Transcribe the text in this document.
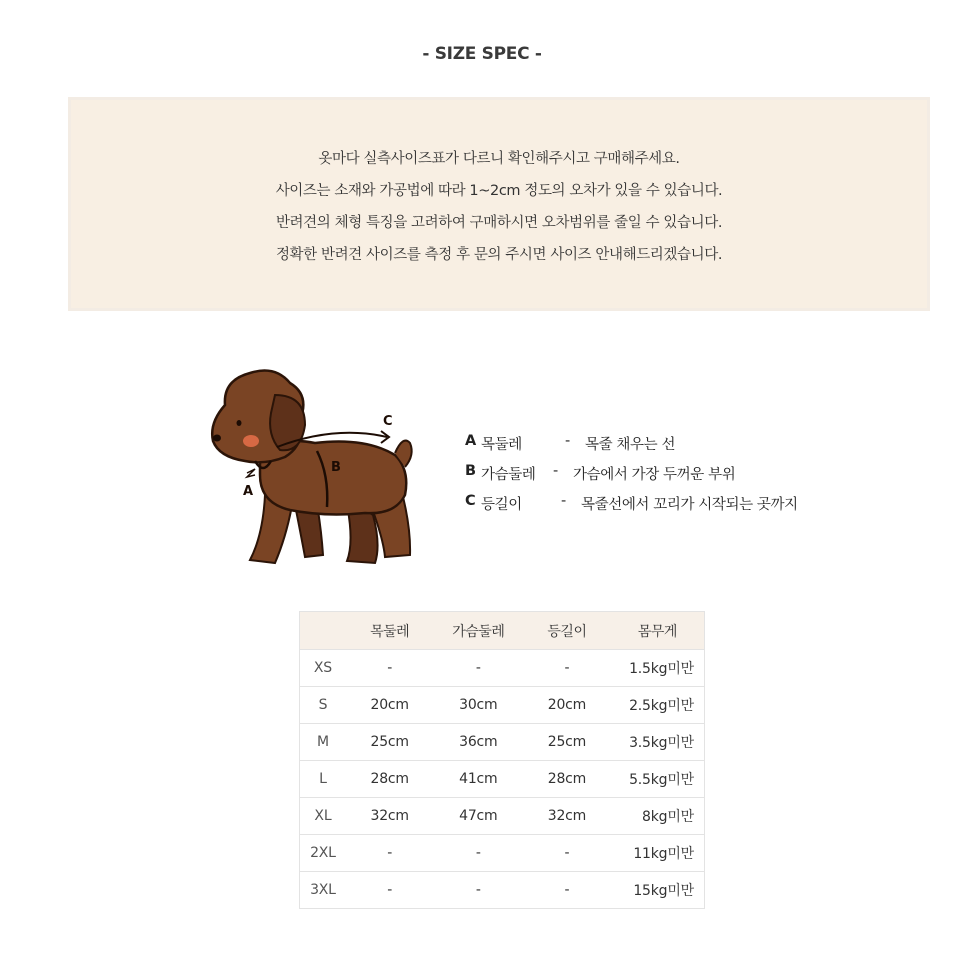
- SIZE SPEC -
옷마다 실측사이즈표가 다르니 확인해주시고 구매해주세요.
사이즈는 소재와 가공법에 따라 1~2cm 정도의 오차가 있을 수 있습니다.
반려견의 체형 특징을 고려하여 구매하시면 오차범위를 줄일 수 있습니다.
정확한 반려견 사이즈를 측정 후 문의 주시면 사이즈 안내해드리겠습니다.
C
B
A
A 목둘레	- 목줄 채우는 선
B 가슴둘레 - 가슴에서 가장 두꺼운 부위
C 등길이	- 목줄선에서 꼬리가 시작되는 곳까지
	목둘레	가슴둘레	등길이	몸무게
XS	-	-	-	1.5kg미만
S	20cm	30cm	20cm	2.5kg미만
M	25cm	36cm	25cm	3.5kg미만
L	28cm	41cm	28cm	5.5kg미만
XL	32cm	47cm	32cm	8kg미만
2XL	-	-	-	11kg미만
3XL	-	-	-	15kg미만
